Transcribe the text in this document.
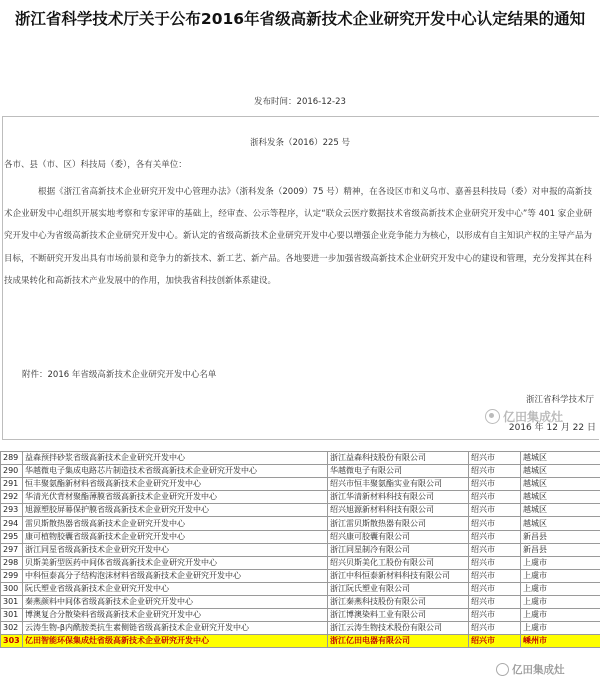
浙江省科学技术厅关于公布2016年省级高新技术企业研究开发中心认定结果的通知
发布时间：2016-12-23
浙科发条（2016）225 号
各市、县（市、区）科技局（委），各有关单位：

根据《浙江省高新技术企业研究开发中心管理办法》（浙科发条（2009）75 号）精神，在各设区市和义乌市、嘉善县科技局（委）对申报的高新技术企业研发中心组织开展实地考察和专家评审的基础上，经审查、公示等程序，认定“联众云医疗数据技术省级高新技术企业研究开发中心”等 401 家企业研究开发中心为省级高新技术企业研究开发中心。新认定的省级高新技术企业研究开发中心要以增强企业竞争能力为核心，以形成有自主知识产权的主导产品为目标，不断研究开发出具有市场前景和竞争力的新技术、新工艺、新产品。各地要进一步加强省级高新技术企业研究开发中心的建设和管理，充分发挥其在科技成果转化和高新技术产业发展中的作用，加快我省科技创新体系建设。

附件：2016 年省级高新技术企业研究开发中心名单
亿田集成灶
浙江省科学技术厅
2016 年 12 月 22 日
289	益森预拌砂浆省级高新技术企业研究开发中心	浙江益森科技股份有限公司	绍兴市	越城区
290	华越微电子集成电路芯片制造技术省级高新技术企业研究开发中心	华越微电子有限公司	绍兴市	越城区
291	恒丰聚氨酯新材料省级高新技术企业研究开发中心	绍兴市恒丰聚氨酯实业有限公司	绍兴市	越城区
292	华清光伏背材聚酯薄膜省级高新技术企业研究开发中心	浙江华清新材料科技有限公司	绍兴市	越城区
293	旭源塑胶屏幕保护膜省级高新技术企业研究开发中心	绍兴旭源新材料科技有限公司	绍兴市	越城区
294	雷贝斯散热器省级高新技术企业研究开发中心	浙江雷贝斯散热器有限公司	绍兴市	越城区
295	康可植物胶囊省级高新技术企业研究开发中心	绍兴康可胶囊有限公司	绍兴市	新昌县
297	浙江同星省级高新技术企业研究开发中心	浙江同星制冷有限公司	绍兴市	新昌县
298	贝斯美新型医药中间体省级高新技术企业研究开发中心	绍兴贝斯美化工股份有限公司	绍兴市	上虞市
299	中科恒泰高分子结构泡沫材料省级高新技术企业研究开发中心	浙江中科恒泰新材料科技有限公司	绍兴市	上虞市
300	阮氏塑业省级高新技术企业研究开发中心	浙江阮氏塑业有限公司	绍兴市	上虞市
301	秦燕颜料中间体省级高新技术企业研究开发中心	浙江秦燕科技股份有限公司	绍兴市	上虞市
301	博澳复合分散染料省级高新技术企业研究开发中心	浙江博澳染料工业有限公司	绍兴市	上虞市
302	云涛生物-β内酰胺类抗生素侧链省级高新技术企业研究开发中心	浙江云涛生物技术股份有限公司	绍兴市	上虞市
303	亿田智能环保集成灶省级高新技术企业研究开发中心	浙江亿田电器有限公司	绍兴市	嵊州市
亿田集成灶
